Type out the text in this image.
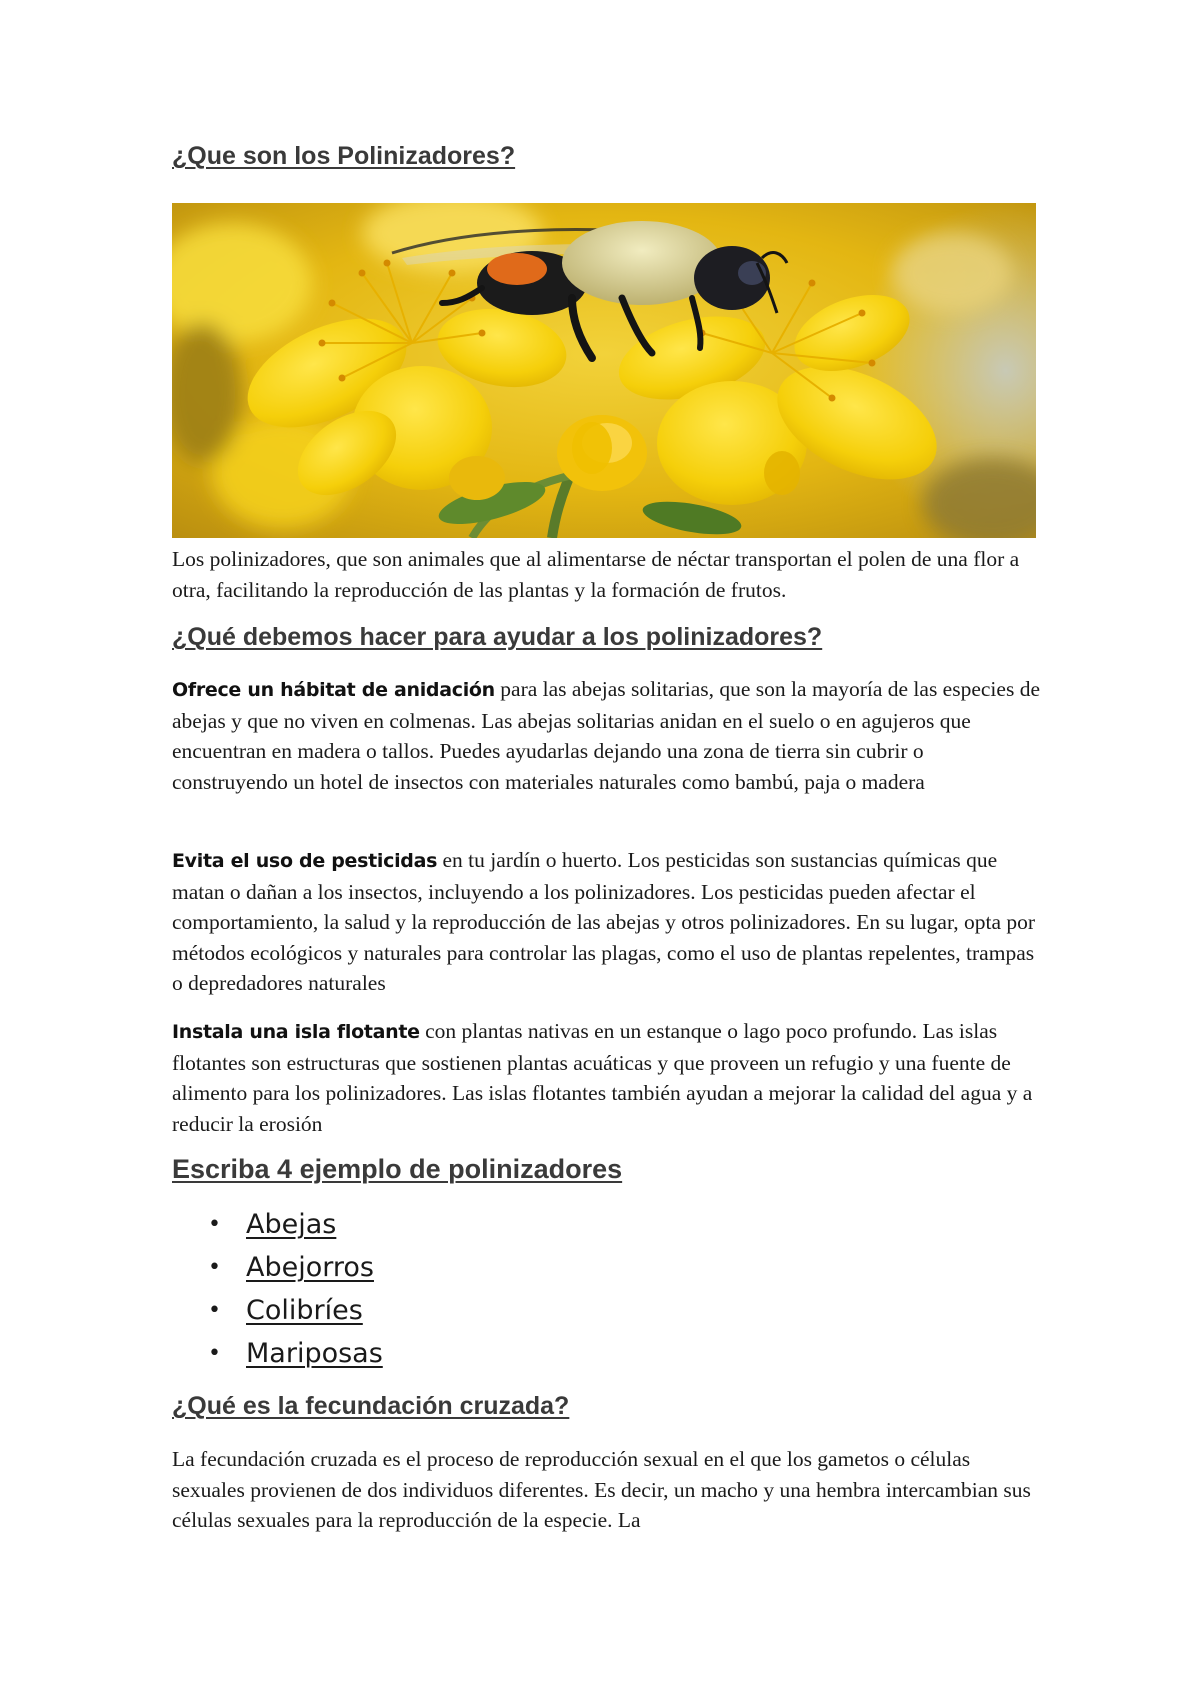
¿Que son los Polinizadores?

Los polinizadores, que son animales que al alimentarse de néctar transportan el polen de una flor a otra, facilitando la reproducción de las plantas y la formación de frutos.

¿Qué debemos hacer para ayudar a los polinizadores?

Ofrece un hábitat de anidación para las abejas solitarias, que son la mayoría de las especies de abejas y que no viven en colmenas. Las abejas solitarias anidan en el suelo o en agujeros que encuentran en madera o tallos. Puedes ayudarlas dejando una zona de tierra sin cubrir o construyendo un hotel de insectos con materiales naturales como bambú, paja o madera

Evita el uso de pesticidas en tu jardín o huerto. Los pesticidas son sustancias químicas que matan o dañan a los insectos, incluyendo a los polinizadores. Los pesticidas pueden afectar el comportamiento, la salud y la reproducción de las abejas y otros polinizadores. En su lugar, opta por métodos ecológicos y naturales para controlar las plagas, como el uso de plantas repelentes, trampas o depredadores naturales

Instala una isla flotante con plantas nativas en un estanque o lago poco profundo. Las islas flotantes son estructuras que sostienen plantas acuáticas y que proveen un refugio y una fuente de alimento para los polinizadores. Las islas flotantes también ayudan a mejorar la calidad del agua y a reducir la erosión

Escriba 4 ejemplo de polinizadores
• Abejas
• Abejorros
• Colibríes
• Mariposas
¿Qué es la fecundación cruzada?

La fecundación cruzada es el proceso de reproducción sexual en el que los gametos o células sexuales provienen de dos individuos diferentes. Es decir, un macho y una hembra intercambian sus células sexuales para la reproducción de la especie. La
